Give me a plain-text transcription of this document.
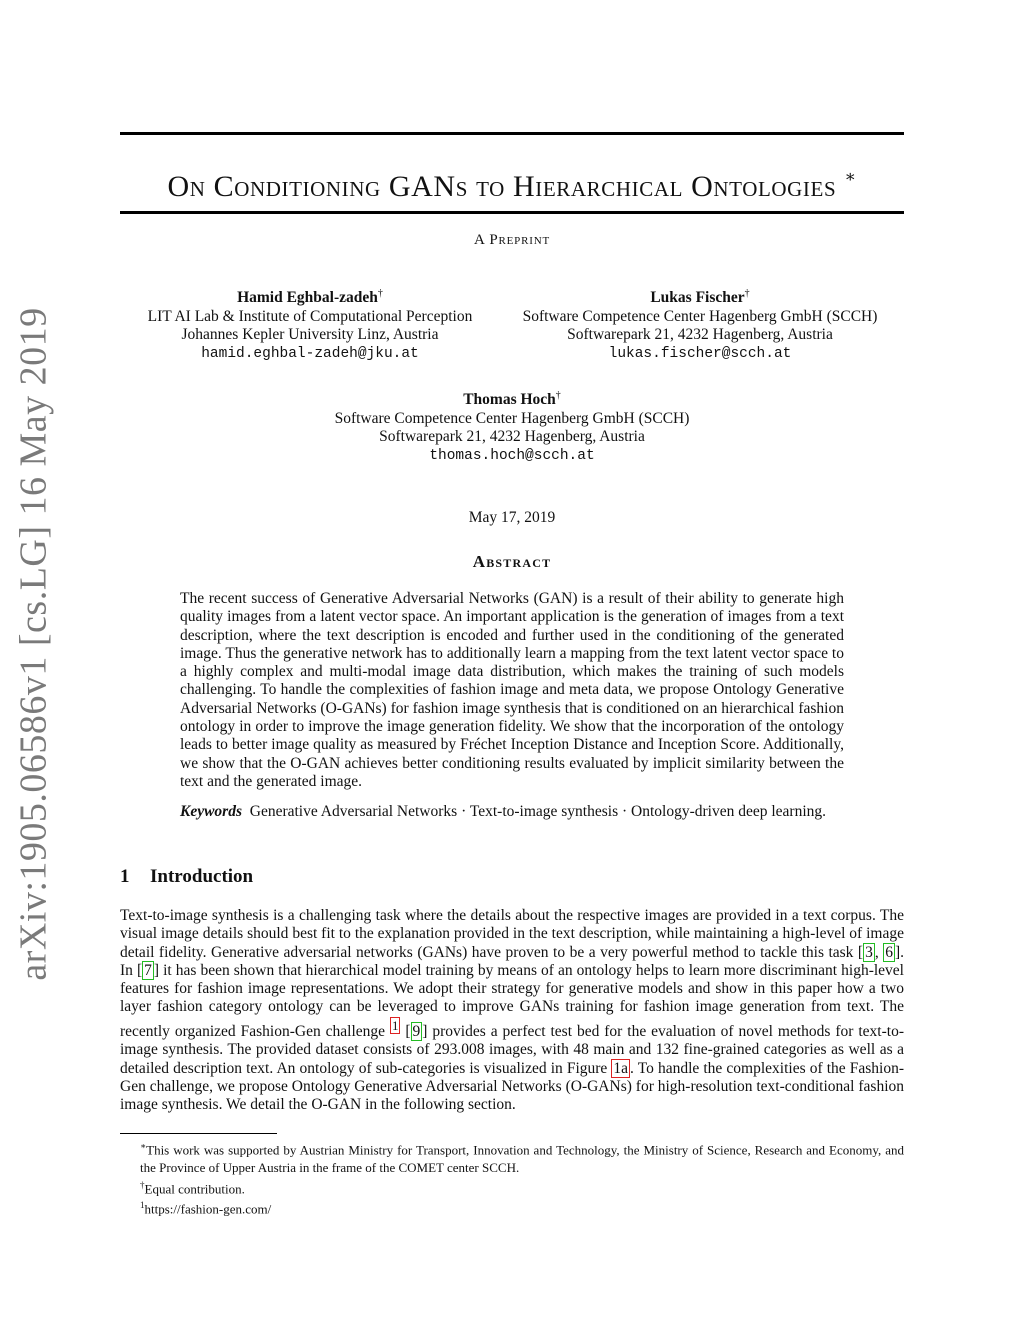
arXiv:1905.06586v1 [cs.LG] 16 May 2019
On Conditioning GANs to Hierarchical Ontologies ∗
A Preprint
Hamid Eghbal-zadeh†
LIT AI Lab & Institute of Computational Perception
Johannes Kepler University Linz, Austria
hamid.eghbal-zadeh@jku.at
Lukas Fischer†
Software Competence Center Hagenberg GmbH (SCCH)
Softwarepark 21, 4232 Hagenberg, Austria
lukas.fischer@scch.at
Thomas Hoch†
Software Competence Center Hagenberg GmbH (SCCH)
Softwarepark 21, 4232 Hagenberg, Austria
thomas.hoch@scch.at
May 17, 2019
Abstract
The recent success of Generative Adversarial Networks (GAN) is a result of their ability to generate high quality images from a latent vector space. An important application is the generation of images from a text description, where the text description is encoded and further used in the conditioning of the generated image. Thus the generative network has to additionally learn a mapping from the text latent vector space to a highly complex and multi-modal image data distribution, which makes the training of such models challenging. To handle the complexities of fashion image and meta data, we propose Ontology Generative Adversarial Networks (O-GANs) for fashion image synthesis that is conditioned on an hierarchical fashion ontology in order to improve the image generation fidelity. We show that the incorporation of the ontology leads to better image quality as measured by Fréchet Inception Distance and Inception Score. Additionally, we show that the O-GAN achieves better conditioning results evaluated by implicit similarity between the text and the generated image.
Keywords Generative Adversarial Networks · Text-to-image synthesis · Ontology-driven deep learning.
1 Introduction
Text-to-image synthesis is a challenging task where the details about the respective images are provided in a text corpus. The visual image details should best fit to the explanation provided in the text description, while maintaining a high-level of image detail fidelity. Generative adversarial networks (GANs) have proven to be a very powerful method to tackle this task [ 3 , 6 ]. In [ 7 ] it has been shown that hierarchical model training by means of an ontology helps to learn more discriminant high-level features for fashion image representations. We adopt their strategy for generative models and show in this paper how a two layer fashion category ontology can be leveraged to improve GANs training for fashion image generation from text. The recently organized Fashion-Gen challenge $^1$ [ 9 ] provides a perfect test bed for the evaluation of novel methods for text-to-image synthesis. The provided dataset consists of 293.008 images, with 48 main and 132 fine-grained categories as well as a detailed description text. An ontology of sub-categories is visualized in Figure 1a . To handle the complexities of the Fashion-Gen challenge, we propose Ontology Generative Adversarial Networks (O-GANs) for high-resolution text-conditional fashion image synthesis. We detail the O-GAN in the following section.

∗This work was supported by Austrian Ministry for Transport, Innovation and Technology, the Ministry of Science, Research and Economy, and the Province of Upper Austria in the frame of the COMET center SCCH.

†Equal contribution.

$^1$https://fashion-gen.com/
